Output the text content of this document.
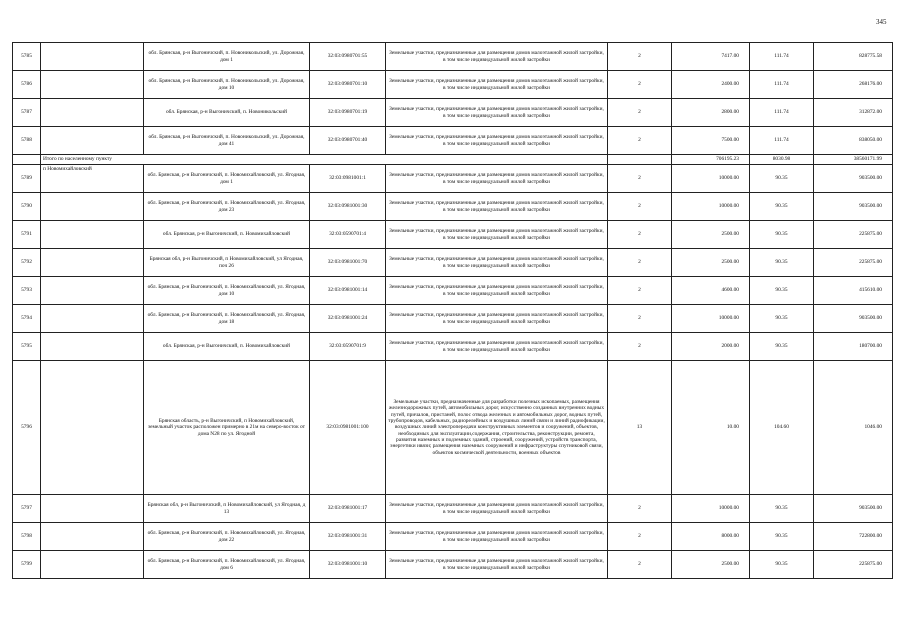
345
5785		обл. Брянская, р-н Выгоничский, п. Новоникольский, ул. Дорожная, дом 1	32:03:0980701:55	Земельные участки, предназначенные для размещения домов малоэтажной жилой застройки, в том числе индивидуальной жилой застройки	2	7417.00	111.74	828775.58
5786		обл. Брянская, р-н Выгоничский, п. Новоникольский, ул. Дорожная, дом 10	32:03:0980701:10	Земельные участки, предназначенные для размещения домов малоэтажной жилой застройки, в том числе индивидуальной жилой застройки	2	2400.00	111.74	268176.00
5787		обл. Брянская, р-н Выгоничский, п. Новоникольский	32:03:0980701:19	Земельные участки, предназначенные для размещения домов малоэтажной жилой застройки, в том числе индивидуальной жилой застройки	2	2800.00	111.74	312872.00
5788		обл. Брянская, р-н Выгоничский, п. Новоникольский, ул. Дорожная, дом 41	32:03:0980701:40	Земельные участки, предназначенные для размещения домов малоэтажной жилой застройки, в том числе индивидуальной жилой застройки	2	7500.00	111.74	838050.00
	Итого по населенному пункту					706195.23	8030.98	38560171.99
5789	п Новомихайловский	обл. Брянская, р-н Выгоничский, п. Новомихайловский, ул. Ягодная, дом 1	32:03:0981001:1	Земельные участки, предназначенные для размещения домов малоэтажной жилой застройки, в том числе индивидуальной жилой застройки	2	10000.00	90.35	903500.00
5790		обл. Брянская, р-н Выгоничский, п. Новомихайловский, ул. Ягодная, дом 23	32:03:0981001:30	Земельные участки, предназначенные для размещения домов малоэтажной жилой застройки, в том числе индивидуальной жилой застройки	2	10000.00	90.35	903500.00
5791		обл. Брянская, р-н Выгоничский, п. Новомихайловский	32:03:0590701:4	Земельные участки, предназначенные для размещения домов малоэтажной жилой застройки, в том числе индивидуальной жилой застройки	2	2500.00	90.35	225875.00
5792		Брянская обл, р-н Выгоничский, п Новомихайловский, ул Ягодная, поч 26	32:03:0981001:70	Земельные участки, предназначенные для размещения домов малоэтажной жилой застройки, в том числе индивидуальной жилой застройки	2	2500.00	90.35	225875.00
5793		обл. Брянская, р-н Выгоничский, п. Новомихайловский, ул. Ягодная, дом 10	32:03:0981001:14	Земельные участки, предназначенные для размещения домов малоэтажной жилой застройки, в том числе индивидуальной жилой застройки	2	4600.00	90.35	415610.00
5794		обл. Брянская, р-н Выгоничский, п. Новомихайловский, ул. Ягодная, дом 18	32:03:0981001:24	Земельные участки, предназначенные для размещения домов малоэтажной жилой застройки, в том числе индивидуальной жилой застройки	2	10000.00	90.35	903500.00
5795		обл. Брянская, р-н Выгоничский, п. Новомихайловский	32:03:0590701:9	Земельные участки, предназначенные для размещения домов малоэтажной жилой застройки, в том числе индивидуальной жилой застройки	2	2000.00	90.35	180700.00
5796		Брянская область, р-н Выгоничский, п Новомихайловский, земельный участок расположен примерно в 21м на северо-восток от дома N28 по ул. Ягодной	32:03:0981001:100	Земельные участки, предназначенные для разработки полезных ископаемых, размещения железнодорожных путей, автомобильных дорог, искусственно созданных внутренних водных путей, причалов, пристаней, полос отвода железных и автомобильных дорог, водных путей, трубопроводов, кабельных, радиорелейных и воздушных линий связи и линий радиофикации, воздушных линий электропередачи конструктивных элементов и сооружений, объектов, необходимых для эксплуатации,содержания, строительства, реконструкции, ремонта, развития наземных и подземных зданий, строений, сооружений, устройств транспорта, энергетики ивязи; размещения наземных сооружений и инфраструктуры спутниковой связи, объектов космической деятельности, военных объектов	13	10.00	104.60	1046.00
5797		Брянская обл, р-н Выгоничский, п Новомихайловский, ул Ягодная, д 13	32:03:0981001:17	Земельные участки, предназначенные для размещения домов малоэтажной жилой застройки, в том числе индивидуальной жилой застройки	2	10000.00	90.35	903500.00
5798		обл. Брянская, р-н Выгоничский, п. Новомихайловский, ул. Ягодная, дом 22	32:03:0981001:31	Земельные участки, предназначенные для размещения домов малоэтажной жилой застройки, в том числе индивидуальной жилой застройки	2	8000.00	90.35	722800.00
5799		обл. Брянская, р-н Выгоничский, п. Новомихайловский, ул. Ягодная, дом 6	32:03:0981001:10	Земельные участки, предназначенные для размещения домов малоэтажной жилой застройки, в том числе индивидуальной жилой застройки	2	2500.00	90.35	225875.00
